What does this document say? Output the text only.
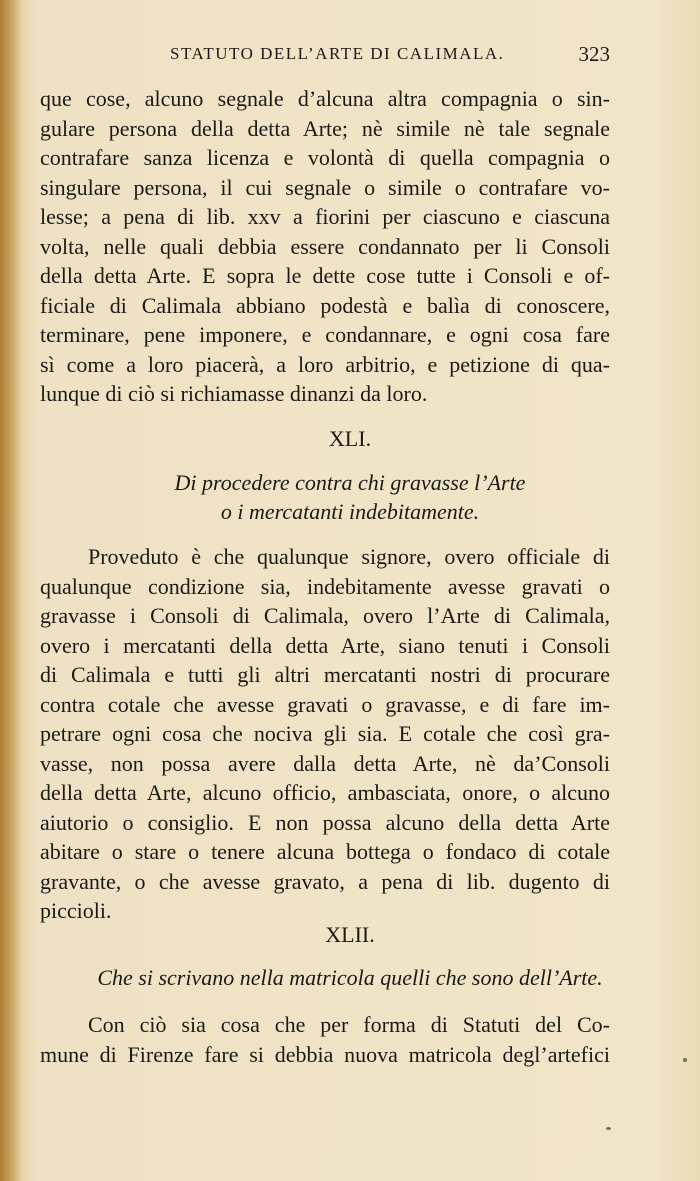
STATUTO DELL’ARTE DI CALIMALA.	323
que cose, alcuno segnale d’alcuna altra compagnia o sin-
gulare persona della detta Arte; nè simile nè tale segnale
contrafare sanza licenza e volontà di quella compagnia o
singulare persona, il cui segnale o simile o contrafare vo-
lesse; a pena di lib. xxv a fiorini per ciascuno e ciascuna
volta, nelle quali debbia essere condannato per li Consoli
della detta Arte. E sopra le dette cose tutte i Consoli e of-
ficiale di Calimala abbiano podestà e balìa di conoscere,
terminare, pene imponere, e condannare, e ogni cosa fare
sì come a loro piacerà, a loro arbitrio, e petizione di qua-
lunque di ciò si richiamasse dinanzi da loro.
XLI.
Di procedere contra chi gravasse l’Arte
o i mercatanti indebitamente.
Proveduto è che qualunque signore, overo officiale di
qualunque condizione sia, indebitamente avesse gravati o
gravasse i Consoli di Calimala, overo l’Arte di Calimala,
overo i mercatanti della detta Arte, siano tenuti i Consoli
di Calimala e tutti gli altri mercatanti nostri di procurare
contra cotale che avesse gravati o gravasse, e di fare im-
petrare ogni cosa che nociva gli sia. E cotale che così gra-
vasse, non possa avere dalla detta Arte, nè da’Consoli
della detta Arte, alcuno officio, ambasciata, onore, o alcuno
aiutorio o consiglio. E non possa alcuno della detta Arte
abitare o stare o tenere alcuna bottega o fondaco di cotale
gravante, o che avesse gravato, a pena di lib. dugento di
piccioli.
XLII.
Che si scrivano nella matricola quelli che sono dell’Arte.
Con ciò sia cosa che per forma di Statuti del Co-
mune di Firenze fare si debbia nuova matricola degl’artefici
